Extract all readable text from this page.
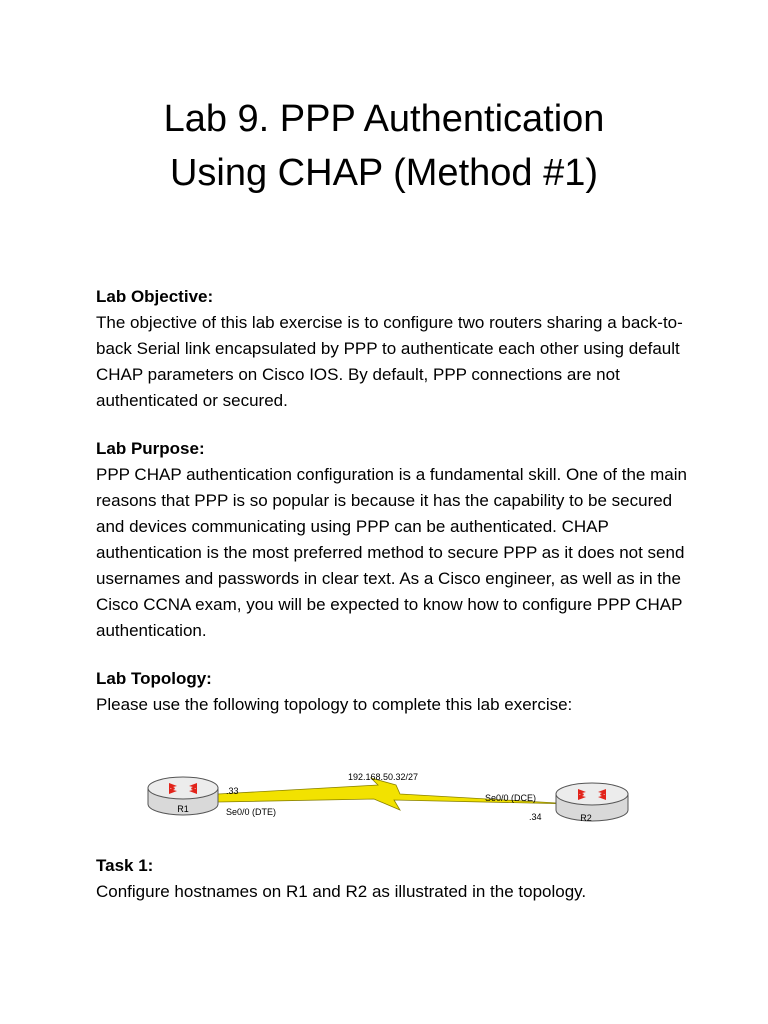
Lab 9. PPP Authentication
Using CHAP (Method #1)

Lab Objective:

The objective of this lab exercise is to configure two routers sharing a back-to-back Serial link encapsulated by PPP to authenticate each other using default CHAP parameters on Cisco IOS. By default, PPP connections are not authenticated or secured.

Lab Purpose:

PPP CHAP authentication configuration is a fundamental skill. One of the main reasons that PPP is so popular is because it has the capability to be secured and devices communicating using PPP can be authenticated. CHAP authentication is the most preferred method to secure PPP as it does not send usernames and passwords in clear text. As a Cisco engineer, as well as in the Cisco CCNA exam, you will be expected to know how to configure PPP CHAP authentication.

Lab Topology:

Please use the following topology to complete this lab exercise:

R1
R2
192.168.50.32/27
.33
Se0/0 (DTE)
Se0/0 (DCE)
.34

Task 1:

Configure hostnames on R1 and R2 as illustrated in the topology.
